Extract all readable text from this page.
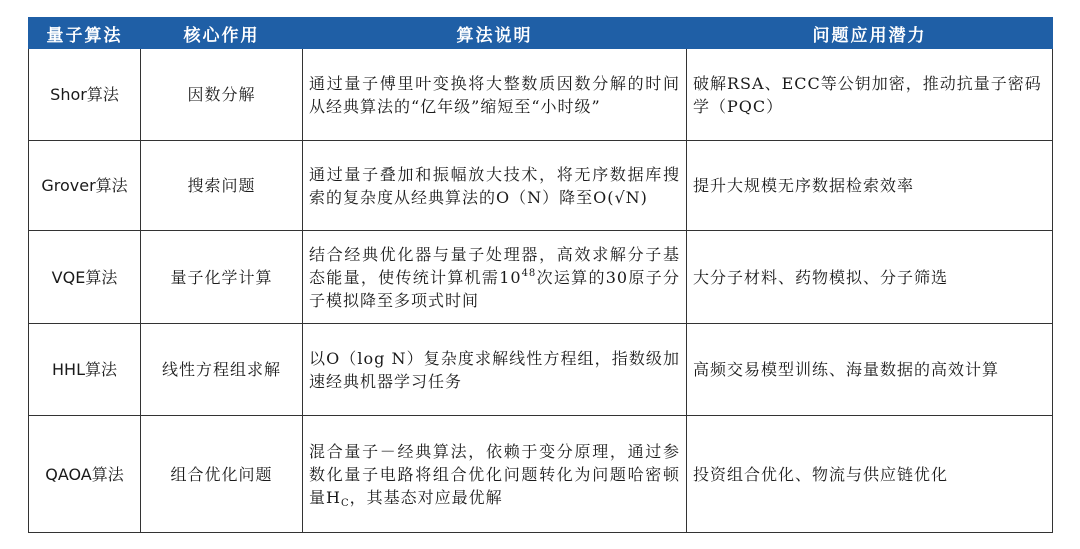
量子算法	核心作用	算法说明	问题应用潜力
Shor算法	因数分解	通过量子傅里叶变换将大整数质因数分解的时间从经典算法的“亿年级”缩短至“小时级”	破解RSA、ECC等公钥加密，推动抗量子密码学（PQC）
Grover算法	搜索问题	通过量子叠加和振幅放大技术，将无序数据库搜索的复杂度从经典算法的O（N）降至O(√N)	提升大规模无序数据检索效率
VQE算法	量子化学计算	结合经典优化器与量子处理器，高效求解分子基态能量，使传统计算机需$10^{48}$次运算的30原子分子模拟降至多项式时间	大分子材料、药物模拟、分子筛选
HHL算法	线性方程组求解	以O（log N）复杂度求解线性方程组，指数级加速经典机器学习任务	高频交易模型训练、海量数据的高效计算
QAOA算法	组合优化问题	混合量子－经典算法，依赖于变分原理，通过参数化量子电路将组合优化问题转化为问题哈密顿量$H_C$，其基态对应最优解	投资组合优化、物流与供应链优化
